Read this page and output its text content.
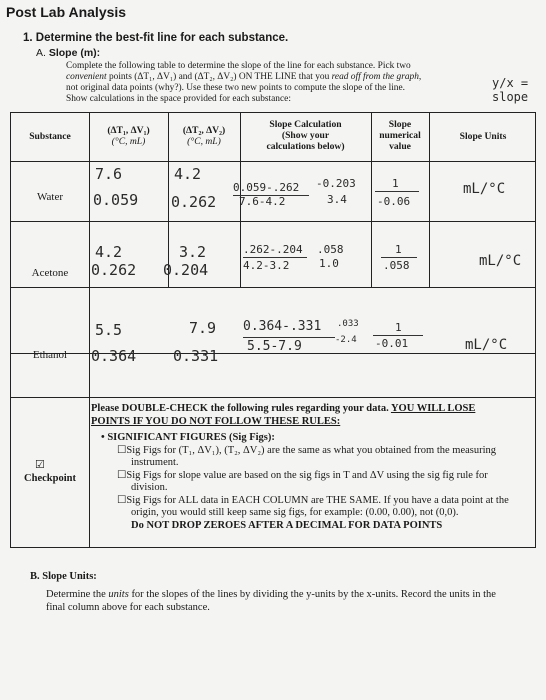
Post Lab Analysis
1. Determine the best-fit line for each substance.
A. Slope (m):
Complete the following table to determine the slope of the line for each substance. Pick two
convenient points (ΔT₁, ΔV₁) and (ΔT₂, ΔV₂) ON THE LINE that you read off from the graph,
not original data points (why?). Use these two new points to compute the slope of the line.
Show calculations in the space provided for each substance:
y/x = slope
Substance
(ΔT₁, ΔV₁)
(°C, mL)
(ΔT₂, ΔV₂)
(°C, mL)
Slope Calculation
(Show your
calculations below)
Slope
numerical
value
Slope Units
Water
7.6
0.059
4.2
0.262
0.059-.262
7.6-4.2
-0.203
3.4
1
-0.06
mL/°C
Acetone
4.2
0.262
3.2
0.204
.262-.204
4.2-3.2
.058
1.0
1
.058	mL/°C
Ethanol
5.5
0.364
7.9
0.331
0.364-.331
5.5-7.9
.033
-2.4
1
-0.01	mL/°C
☑
Checkpoint
Please DOUBLE-CHECK the following rules regarding your data. YOU WILL LOSE POINTS IF YOU DO NOT FOLLOW THESE RULES:
• SIGNIFICANT FIGURES (Sig Figs):
☐Sig Figs for (T₁, ΔV₁), (T₂, ΔV₂) are the same as what you obtained from the measuring instrument.
☐Sig Figs for slope value are based on the sig figs in T and ΔV using the sig fig rule for division.
☐Sig Figs for ALL data in EACH COLUMN are THE SAME. If you have a data point at the origin, you would still keep same sig figs, for example: (0.00, 0.00), not (0,0).
Do NOT DROP ZEROES AFTER A DECIMAL FOR DATA POINTS
B. Slope Units:
Determine the units for the slopes of the lines by dividing the y-units by the x-units. Record the units in the final column above for each substance.
